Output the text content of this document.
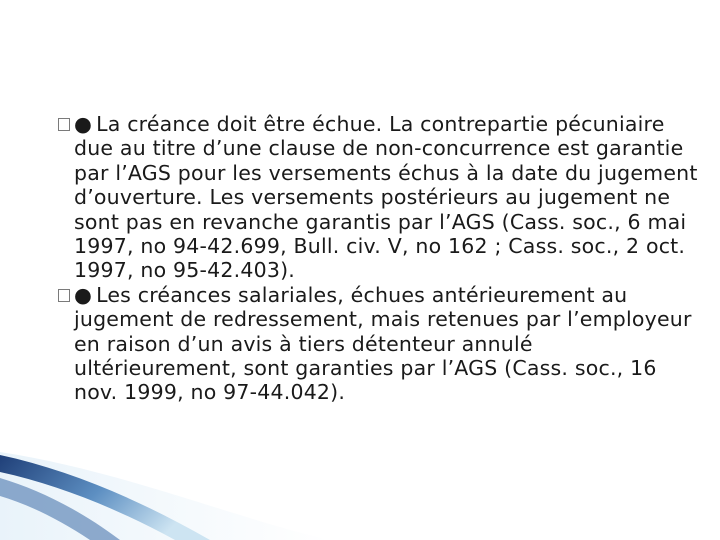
● La créance doit être échue. La contrepartie pécuniaire due au titre d’une clause de non-concurrence est garantie par l’AGS pour les versements échus à la date du jugement d’ouverture. Les versements postérieurs au jugement ne sont pas en revanche garantis par l’AGS (Cass. soc., 6 mai 1997, no 94-42.699, Bull. civ. V, no 162 ; Cass. soc., 2 oct. 1997, no 95-42.403).

● Les créances salariales, échues antérieurement au jugement de redressement, mais retenues par l’employeur en raison d’un avis à tiers détenteur annulé ultérieurement, sont garanties par l’AGS (Cass. soc., 16 nov. 1999, no 97-44.042).
